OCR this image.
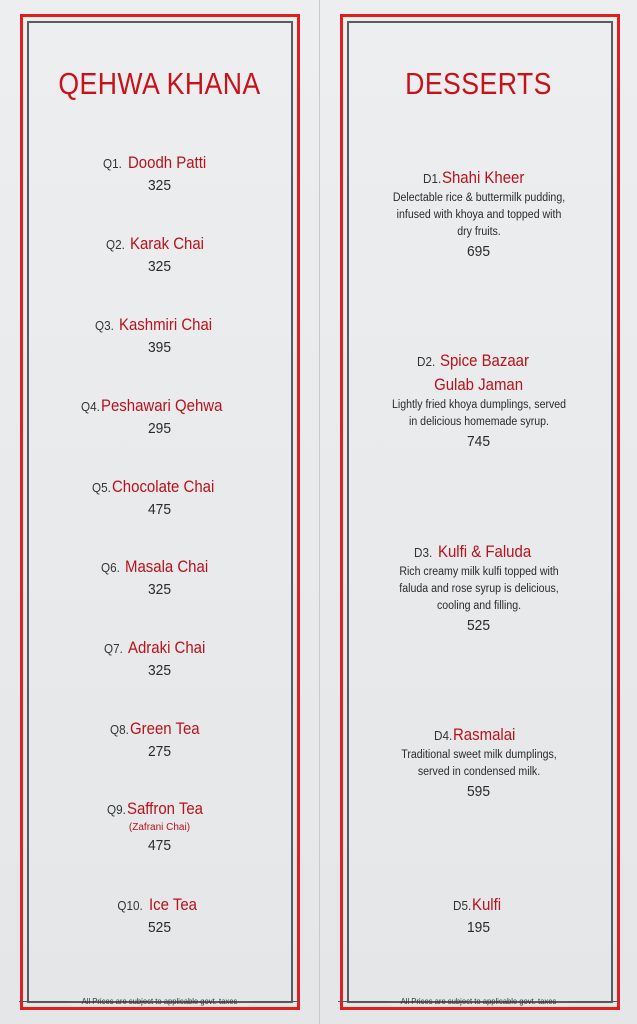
QEHWA KHANA
Q1. Doodh Patti
325
Q2. Karak Chai
325
Q3. Kashmiri Chai
395
Q4.Peshawari Qehwa
295
Q5.Chocolate Chai
475
Q6. Masala Chai
325
Q7. Adraki Chai
325
Q8.Green Tea
275
Q9.Saffron Tea
(Zafrani Chai)
475
Q10. Ice Tea
525
All Prices are subject to applicable govt. taxes
DESSERTS
D1.Shahi Kheer
Delectable rice & buttermilk pudding, infused with khoya and topped with dry fruits.
695
D2. Spice Bazaar
Gulab Jaman
Lightly fried khoya dumplings, served in delicious homemade syrup.
745
D3. Kulfi & Faluda
Rich creamy milk kulfi topped with faluda and rose syrup is delicious, cooling and filling.
525
D4.Rasmalai
Traditional sweet milk dumplings, served in condensed milk.
595
D5.Kulfi
195
All Prices are subject to applicable govt. taxes
